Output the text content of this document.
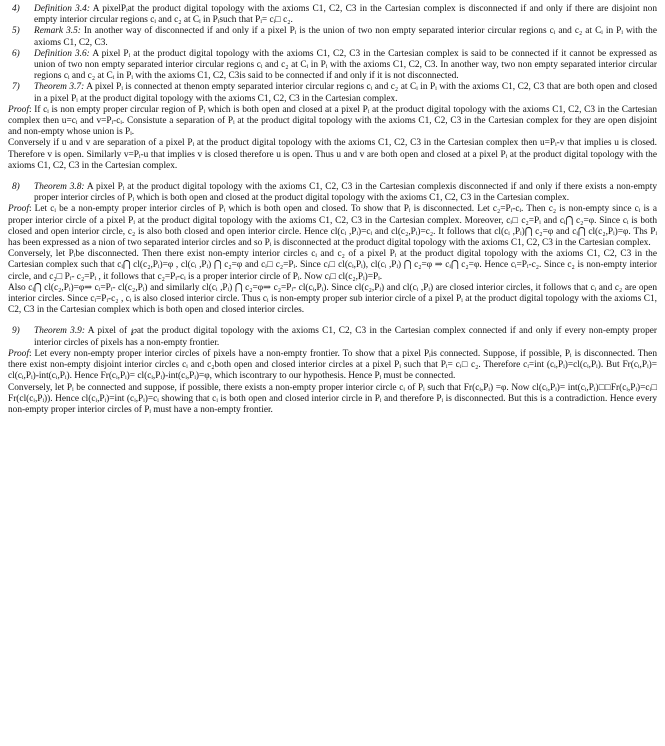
4)	Definition 3.4: A pixelPᵢat the product digital topology with the axioms C1, C2, C3 in the Cartesian complex is disconnected if and only if there are disjoint non empty interior circular regions cᵢ and c₂ at Cᵢ in Pᵢsuch that Pᵢ= cᵢ□ c₂.

5)	Remark 3.5: In another way of disconnected if and only if a pixel Pᵢ is the union of two non empty separated interior circular regions cᵢ and c₂ at Cᵢ in Pᵢ with the axioms C1, C2, C3.

6)	Definition 3.6: A pixel Pᵢ at the product digital topology with the axioms C1, C2, C3 in the Cartesian complex is said to be connected if it cannot be expressed as union of two non empty separated interior circular regions cᵢ and c₂ at Cᵢ in Pᵢ with the axioms C1, C2, C3. In another way, two non empty separated interior circular regions cᵢ and c₂ at Cᵢ in Pᵢ with the axioms C1, C2, C3is said to be connected if and only if it is not disconnected.

7)	Theorem 3.7: A pixel Pᵢ is connected at thenon empty separated interior circular regions cᵢ and c₂ at Cᵢ in Pᵢ with the axioms C1, C2, C3 that are both open and closed in a pixel Pᵢ at the product digital topology with the axioms C1, C2, C3 in the Cartesian complex.

Proof: If cᵢ is non empty proper circular region of Pᵢ which is both open and closed at a pixel Pᵢ at the product digital topology with the axioms C1, C2, C3 in the Cartesian complex then u=cᵢ and v=Pᵢ-cᵢ. Consistute a separation of Pᵢ at the product digital topology with the axioms C1, C2, C3 in the Cartesian complex for they are open disjoint and non-empty whose union is Pᵢ.

Conversely if u and v are separation of a pixel Pᵢ at the product digital topology with the axioms C1, C2, C3 in the Cartesian complex then u=Pᵢ-v that implies u is closed. Therefore v is open. Similarly v=Pᵢ-u that implies v is closed therefore u is open. Thus u and v are both open and closed at a pixel Pᵢ at the product digital topology with the axioms C1, C2, C3 in the Cartesian complex.

8)	Theorem 3.8: A pixel Pᵢ at the product digital topology with the axioms C1, C2, C3 in the Cartesian complexis disconnected if and only if there exists a non-empty proper interior circles of Pᵢ which is both open and closed at the product digital topology with the axioms C1, C2, C3 in the Cartesian complex.

Proof: Let cᵢ be a non-empty proper interior circles of Pᵢ which is both open and closed. To show that Pᵢ is disconnected. Let c₂=Pᵢ-cᵢ. Then c₂ is non-empty since cᵢ is a proper interior circle of a pixel Pᵢ at the product digital topology with the axioms C1, C2, C3 in the Cartesian complex. Moreover, cᵢ□ c₂=Pᵢ and cᵢ⋂ c₂=φ. Since cᵢ is both closed and open interior circle, c₂ is also both closed and open interior circle. Hence cl(cᵢ ,Pᵢ)=cᵢ and cl(c₂,Pᵢ)=c₂. It follows that cl(cᵢ ,Pᵢ)⋂ c₂=φ and cᵢ⋂ cl(c₂,Pᵢ)=φ. Ths Pᵢ has been expressed as a nion of two separated interior circles and so Pᵢ is disconnected at the product digital topology with the axioms C1, C2, C3 in the Cartesian complex.

Conversely, let Pᵢbe disconnected. Then there exist non-empty interior circles cᵢ and c₂ of a pixel Pᵢ at the product digital topology with the axioms C1, C2, C3 in the Cartesian complex such that cᵢ⋂ cl(c₂,Pᵢ)=φ , cl(cᵢ ,Pᵢ) ⋂ c₂=φ and cᵢ□ c₂=Pᵢ. Since cᵢ□ cl(cᵢ,Pᵢ), cl(cᵢ ,Pᵢ) ⋂ c₂=φ ⇒ cᵢ⋂ c₂=φ. Hence cᵢ=Pᵢ-c₂. Since c₂ is non-empty interior circle, and c₂□ Pᵢ- c₂=Pᵢ , it follows that c₂=Pᵢ-cᵢ is a proper interior circle of Pᵢ. Now cᵢ□ cl(c₂,Pᵢ)=Pᵢ.

Also cᵢ⋂ cl(c₂,Pᵢ)=φ⇒ cᵢ=Pᵢ- cl(c₂,Pᵢ) and similarly cl(cᵢ ,Pᵢ) ⋂ c₂=φ⇒ c₂=Pᵢ- cl(cᵢ,Pᵢ). Since cl(c₂,Pᵢ) and cl(cᵢ ,Pᵢ) are closed interior circles, it follows that cᵢ and c₂ are open interior circles. Since cᵢ=Pᵢ-c₂ , cᵢ is also closed interior circle. Thus cᵢ is non-empty proper sub interior circle of a pixel Pᵢ at the product digital topology with the axioms C1, C2, C3 in the Cartesian complex which is both open and closed interior circles.

9)	Theorem 3.9: A pixel of ℘at the product digital topology with the axioms C1, C2, C3 in the Cartesian complex connected if and only if every non-empty proper interior circles of pixels has a non-empty frontier.

Proof: Let every non-empty proper interior circles of pixels have a non-empty frontier. To show that a pixel Pᵢis connected. Suppose, if possible, Pᵢ is disconnected. Then there exist non-empty disjoint interior circles cᵢ and c₂both open and closed interior circles at a pixel Pᵢ such that Pᵢ= cᵢ□ c₂. Therefore cᵢ=int (cᵢ,Pᵢ)=cl(cᵢ,Pᵢ). But Fr(cᵢ,Pᵢ)= cl(cᵢ,Pᵢ)-int(cᵢ,Pᵢ). Hence Fr(cᵢ,Pᵢ)= cl(cᵢ,Pᵢ)-int(cᵢ,Pᵢ)=φ, which iscontrary to our hypothesis. Hence Pᵢ must be connected.

Conversely, let Pᵢ be connected and suppose, if possible, there exists a non-empty proper interior circle cᵢ of Pᵢ such that Fr(cᵢ,Pᵢ) =φ. Now cl(cᵢ,Pᵢ)= int(cᵢ,Pᵢ)□□Fr(cᵢ,Pᵢ)=cᵢ□ Fr(cl(cᵢ,Pᵢ)). Hence cl(cᵢ,Pᵢ)=int (cᵢ,Pᵢ)=cᵢ showing that cᵢ is both open and closed interior circle in Pᵢ and therefore Pᵢ is disconnected. But this is a contradiction. Hence every non-empty proper interior circles of Pᵢ must have a non-empty frontier.
